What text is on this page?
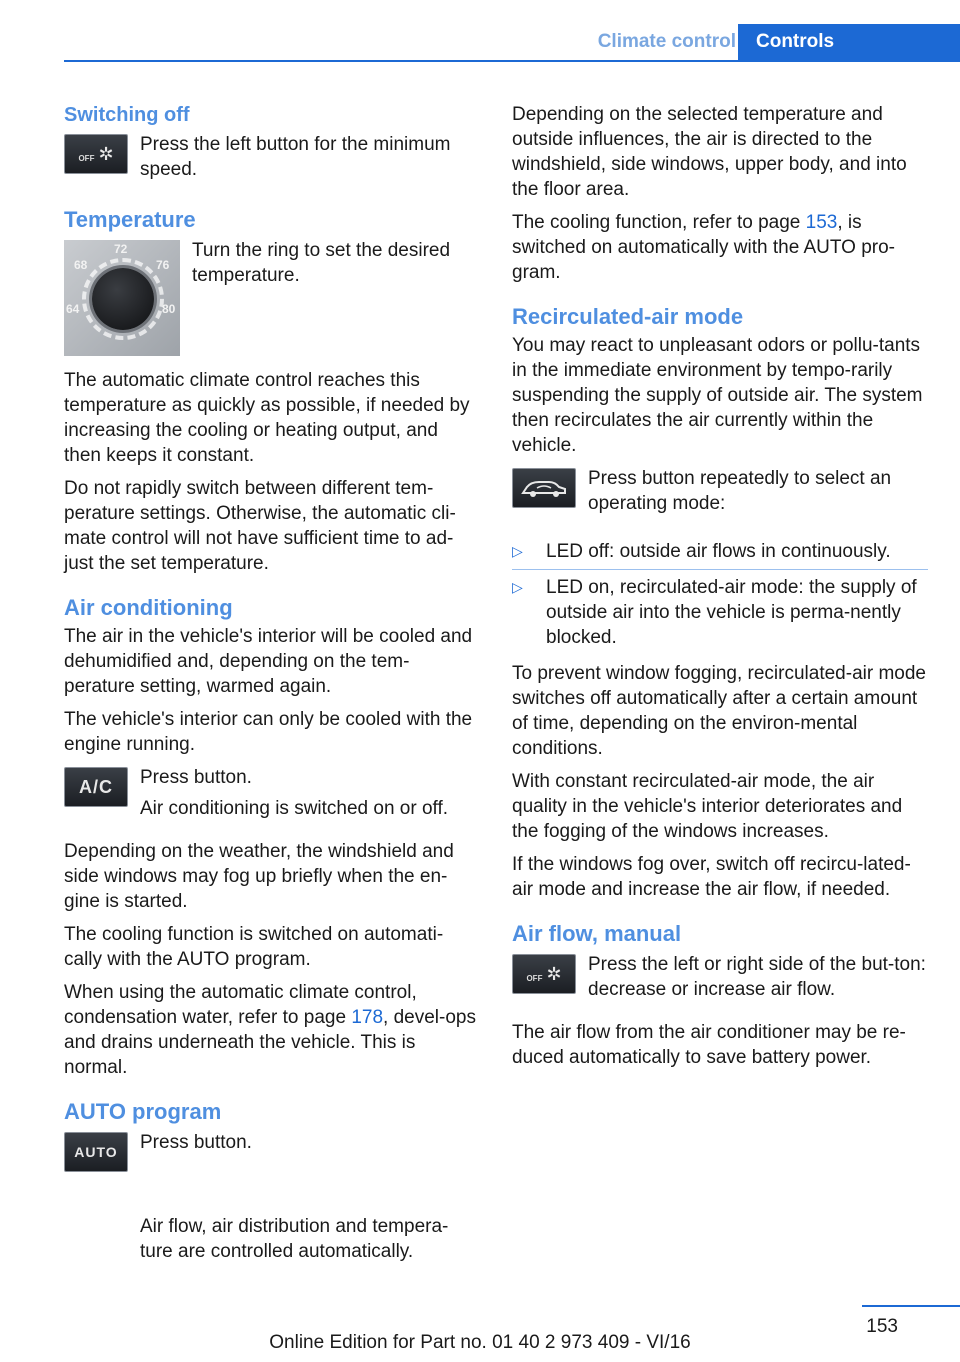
Climate control	Controls
Switching off
OFF ✲ Press the left button for the minimum speed.

Temperature
72
68	76
64	80

Turn the ring to set the desired temperature.

The automatic climate control reaches this temperature as quickly as possible, if needed by increasing the cooling or heating output, and then keeps it constant.

Do not rapidly switch between different tem‐perature settings. Otherwise, the automatic cli‐mate control will not have sufficient time to ad‐just the set temperature.

Air conditioning

The air in the vehicle's interior will be cooled and dehumidified and, depending on the tem‐perature setting, warmed again.

The vehicle's interior can only be cooled with the engine running.

A/C	Press button.

Air conditioning is switched on or off.

Depending on the weather, the windshield and side windows may fog up briefly when the en‐gine is started.

The cooling function is switched on automati‐cally with the AUTO program.

When using the automatic climate control, condensation water, refer to page 178, devel‐ops and drains underneath the vehicle. This is normal.

AUTO program
AUTO	Press button.

Air flow, air distribution and tempera‐ture are controlled automatically.

Depending on the selected temperature and outside influences, the air is directed to the windshield, side windows, upper body, and into the floor area.

The cooling function, refer to page 153, is switched on automatically with the AUTO pro‐gram.

Recirculated-air mode

You may react to unpleasant odors or pollu‐tants in the immediate environment by tempo‐rarily suspending the supply of outside air. The system then recirculates the air currently within the vehicle.

Press button repeatedly to select an operating mode:

▷	LED off: outside air flows in continuously.
▷	LED on, recirculated-air mode: the supply of outside air into the vehicle is perma‐nently blocked.

To prevent window fogging, recirculated-air mode switches off automatically after a certain amount of time, depending on the environ‐mental conditions.

With constant recirculated-air mode, the air quality in the vehicle's interior deteriorates and the fogging of the windows increases.

If the windows fog over, switch off recircu‐lated-air mode and increase the air flow, if needed.

Air flow, manual
OFF ✲ Press the left or right side of the but‐ton: decrease or increase air flow.

The air flow from the air conditioner may be re‐duced automatically to save battery power.

153
Online Edition for Part no. 01 40 2 973 409 - VI/16
